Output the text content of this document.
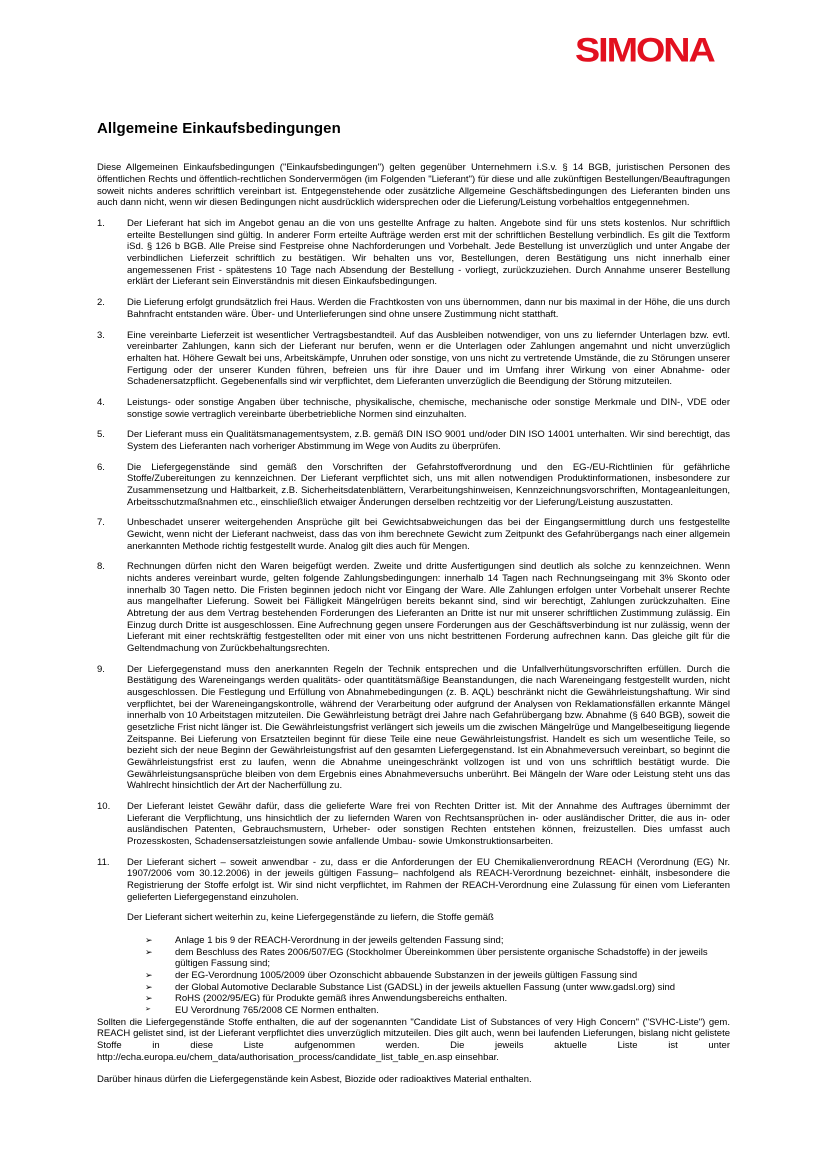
SIMONA
Allgemeine Einkaufsbedingungen

Diese Allgemeinen Einkaufsbedingungen ("Einkaufsbedingungen") gelten gegenüber Unternehmern i.S.v. § 14 BGB, juristischen Personen des öffentlichen Rechts und öffentlich-rechtlichen Sondervermögen (im Folgenden "Lieferant") für diese und alle zukünftigen Bestellungen/Beauftragungen soweit nichts anderes schriftlich vereinbart ist. Entgegenstehende oder zusätzliche Allgemeine Geschäftsbedingungen des Lieferanten binden uns auch dann nicht, wenn wir diesen Bedingungen nicht ausdrücklich widersprechen oder die Lieferung/Leistung vorbehaltlos entgegennehmen.

1. Der Lieferant hat sich im Angebot genau an die von uns gestellte Anfrage zu halten. Angebote sind für uns stets kostenlos. Nur schriftlich erteilte Bestellungen sind gültig. In anderer Form erteilte Aufträge werden erst mit der schriftlichen Bestellung verbindlich. Es gilt die Textform iSd. § 126 b BGB. Alle Preise sind Festpreise ohne Nachforderungen und Vorbehalt. Jede Bestellung ist unverzüglich und unter Angabe der verbindlichen Lieferzeit schriftlich zu bestätigen. Wir behalten uns vor, Bestellungen, deren Bestätigung uns nicht innerhalb einer angemessenen Frist - spätestens 10 Tage nach Absendung der Bestellung - vorliegt, zurückzuziehen. Durch Annahme unserer Bestellung erklärt der Lieferant sein Einverständnis mit diesen Einkaufsbedingungen.
2. Die Lieferung erfolgt grundsätzlich frei Haus. Werden die Frachtkosten von uns übernommen, dann nur bis maximal in der Höhe, die uns durch Bahnfracht entstanden wäre. Über- und Unterlieferungen sind ohne unsere Zustimmung nicht statthaft.
3. Eine vereinbarte Lieferzeit ist wesentlicher Vertragsbestandteil. Auf das Ausbleiben notwendiger, von uns zu liefernder Unterlagen bzw. evtl. vereinbarter Zahlungen, kann sich der Lieferant nur berufen, wenn er die Unterlagen oder Zahlungen angemahnt und nicht unverzüglich erhalten hat. Höhere Gewalt bei uns, Arbeitskämpfe, Unruhen oder sonstige, von uns nicht zu vertretende Umstände, die zu Störungen unserer Fertigung oder der unserer Kunden führen, befreien uns für ihre Dauer und im Umfang ihrer Wirkung von einer Abnahme- oder Schadenersatzpflicht. Gegebenenfalls sind wir verpflichtet, dem Lieferanten unverzüglich die Beendigung der Störung mitzuteilen.
4. Leistungs- oder sonstige Angaben über technische, physikalische, chemische, mechanische oder sonstige Merkmale und DIN-, VDE oder sonstige sowie vertraglich vereinbarte überbetriebliche Normen sind einzuhalten.
5. Der Lieferant muss ein Qualitätsmanagementsystem, z.B. gemäß DIN ISO 9001 und/oder DIN ISO 14001 unterhalten. Wir sind berechtigt, das System des Lieferanten nach vorheriger Abstimmung im Wege von Audits zu überprüfen.
6. Die Liefergegenstände sind gemäß den Vorschriften der Gefahrstoffverordnung und den EG-/EU-Richtlinien für gefährliche Stoffe/Zubereitungen zu kennzeichnen. Der Lieferant verpflichtet sich, uns mit allen notwendigen Produktinformationen, insbesondere zur Zusammensetzung und Haltbarkeit, z.B. Sicherheitsdatenblättern, Verarbeitungshinweisen, Kennzeichnungsvorschriften, Montageanleitungen, Arbeitsschutzmaßnahmen etc., einschließlich etwaiger Änderungen derselben rechtzeitig vor der Lieferung/Leistung auszustatten.
7. Unbeschadet unserer weitergehenden Ansprüche gilt bei Gewichtsabweichungen das bei der Eingangsermittlung durch uns festgestellte Gewicht, wenn nicht der Lieferant nachweist, dass das von ihm berechnete Gewicht zum Zeitpunkt des Gefahrübergangs nach einer allgemein anerkannten Methode richtig festgestellt wurde. Analog gilt dies auch für Mengen.
8. Rechnungen dürfen nicht den Waren beigefügt werden. Zweite und dritte Ausfertigungen sind deutlich als solche zu kennzeichnen. Wenn nichts anderes vereinbart wurde, gelten folgende Zahlungsbedingungen: innerhalb 14 Tagen nach Rechnungseingang mit 3% Skonto oder innerhalb 30 Tagen netto. Die Fristen beginnen jedoch nicht vor Eingang der Ware. Alle Zahlungen erfolgen unter Vorbehalt unserer Rechte aus mangelhafter Lieferung. Soweit bei Fälligkeit Mängelrügen bereits bekannt sind, sind wir berechtigt, Zahlungen zurückzuhalten. Eine Abtretung der aus dem Vertrag bestehenden Forderungen des Lieferanten an Dritte ist nur mit unserer schriftlichen Zustimmung zulässig. Ein Einzug durch Dritte ist ausgeschlossen. Eine Aufrechnung gegen unsere Forderungen aus der Geschäftsverbindung ist nur zulässig, wenn der Lieferant mit einer rechtskräftig festgestellten oder mit einer von uns nicht bestrittenen Forderung aufrechnen kann. Das gleiche gilt für die Geltendmachung von Zurückbehaltungsrechten.
9. Der Liefergegenstand muss den anerkannten Regeln der Technik entsprechen und die Unfallverhütungsvorschriften erfüllen. Durch die Bestätigung des Wareneingangs werden qualitäts- oder quantitätsmäßige Beanstandungen, die nach Wareneingang festgestellt wurden, nicht ausgeschlossen. Die Festlegung und Erfüllung von Abnahmebedingungen (z. B. AQL) beschränkt nicht die Gewährleistungshaftung. Wir sind verpflichtet, bei der Wareneingangskontrolle, während der Verarbeitung oder aufgrund der Analysen von Reklamationsfällen erkannte Mängel innerhalb von 10 Arbeitstagen mitzuteilen. Die Gewährleistung beträgt drei Jahre nach Gefahrübergang bzw. Abnahme (§ 640 BGB), soweit die gesetzliche Frist nicht länger ist. Die Gewährleistungsfrist verlängert sich jeweils um die zwischen Mängelrüge und Mangelbeseitigung liegende Zeitspanne. Bei Lieferung von Ersatzteilen beginnt für diese Teile eine neue Gewährleistungsfrist. Handelt es sich um wesentliche Teile, so bezieht sich der neue Beginn der Gewährleistungsfrist auf den gesamten Liefergegenstand. Ist ein Abnahmeversuch vereinbart, so beginnt die Gewährleistungsfrist erst zu laufen, wenn die Abnahme uneingeschränkt vollzogen ist und von uns schriftlich bestätigt wurde. Die Gewährleistungsansprüche bleiben von dem Ergebnis eines Abnahmeversuchs unberührt. Bei Mängeln der Ware oder Leistung steht uns das Wahlrecht hinsichtlich der Art der Nacherfüllung zu.
10. Der Lieferant leistet Gewähr dafür, dass die gelieferte Ware frei von Rechten Dritter ist. Mit der Annahme des Auftrages übernimmt der Lieferant die Verpflichtung, uns hinsichtlich der zu liefernden Waren von Rechtsansprüchen in- oder ausländischer Dritter, die aus in- oder ausländischen Patenten, Gebrauchsmustern, Urheber- oder sonstigen Rechten entstehen können, freizustellen. Dies umfasst auch Prozesskosten, Schadensersatzleistungen sowie anfallende Umbau- sowie Umkonstruktionsarbeiten.
11. Der Lieferant sichert – soweit anwendbar - zu, dass er die Anforderungen der EU Chemikalienverordnung REACH (Verordnung (EG) Nr. 1907/2006 vom 30.12.2006) in der jeweils gültigen Fassung– nachfolgend als REACH-Verordnung bezeichnet- einhält, insbesondere die Registrierung der Stoffe erfolgt ist. Wir sind nicht verpflichtet, im Rahmen der REACH-Verordnung eine Zulassung für einen vom Lieferanten gelieferten Liefergegenstand einzuholen.

Der Lieferant sichert weiterhin zu, keine Liefergegenstände zu liefern, die Stoffe gemäß

➢ Anlage 1 bis 9 der REACH-Verordnung in der jeweils geltenden Fassung sind;
➢ dem Beschluss des Rates 2006/507/EG (Stockholmer Übereinkommen über persistente organische Schadstoffe) in der jeweils gültigen Fassung sind;
➢ der EG-Verordnung 1005/2009 über Ozonschicht abbauende Substanzen in der jeweils gültigen Fassung sind
➢ der Global Automotive Declarable Substance List (GADSL) in der jeweils aktuellen Fassung (unter www.gadsl.org) sind
➢ RoHS (2002/95/EG) für Produkte gemäß ihres Anwendungsbereichs enthalten.
➢	EU Verordnung 765/2008 CE Normen enthalten.

Sollten die Liefergegenstände Stoffe enthalten, die auf der sogenannten "Candidate List of Substances of very High Concern" ("SVHC-Liste") gem. REACH gelistet sind, ist der Lieferant verpflichtet dies unverzüglich mitzuteilen. Dies gilt auch, wenn bei laufenden Lieferungen, bislang nicht gelistete Stoffe in diese Liste aufgenommen werden. Die jeweils aktuelle Liste ist unter http://echa.europa.eu/chem_data/authorisation_process/candidate_list_table_en.asp einsehbar.

Darüber hinaus dürfen die Liefergegenstände kein Asbest, Biozide oder radioaktives Material enthalten.
